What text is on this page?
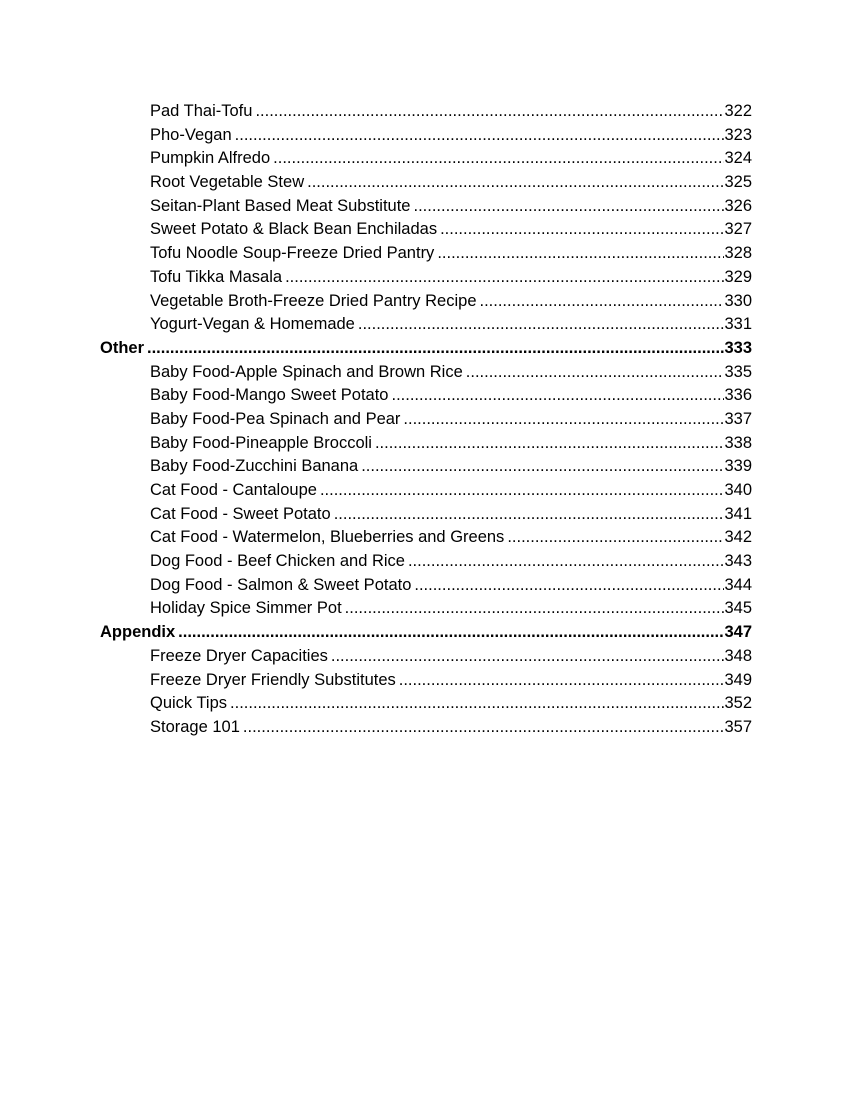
Pad Thai-Tofu .....	322
Pho-Vegan .....	323
Pumpkin Alfredo .....	324
Root Vegetable Stew .....	325
Seitan-Plant Based Meat Substitute .....	326
Sweet Potato & Black Bean Enchiladas .....	327
Tofu Noodle Soup-Freeze Dried Pantry .....	328
Tofu Tikka Masala .....	329
Vegetable Broth-Freeze Dried Pantry Recipe .....	330
Yogurt-Vegan & Homemade .....	331
Other .....	333
Baby Food-Apple Spinach and Brown Rice .....	335
Baby Food-Mango Sweet Potato .....	336
Baby Food-Pea Spinach and Pear .....	337
Baby Food-Pineapple Broccoli .....	338
Baby Food-Zucchini Banana .....	339
Cat Food - Cantaloupe .....	340
Cat Food - Sweet Potato .....	341
Cat Food - Watermelon, Blueberries and Greens .....	342
Dog Food - Beef Chicken and Rice .....	343
Dog Food - Salmon & Sweet Potato .....	344
Holiday Spice Simmer Pot .....	345
Appendix .....	347
Freeze Dryer Capacities .....	348
Freeze Dryer Friendly Substitutes .....	349
Quick Tips .....	352
Storage 101 .....	357
